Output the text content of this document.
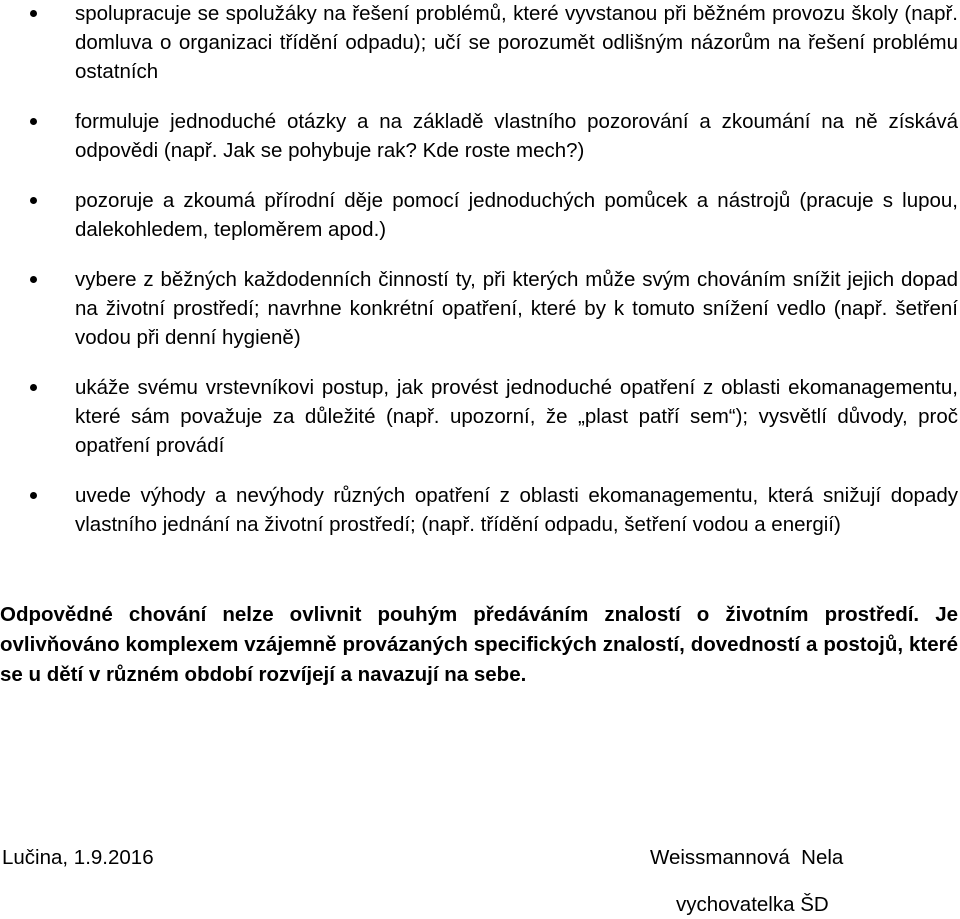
spolupracuje se spolužáky na řešení problémů, které vyvstanou při běžném provozu školy (např. domluva o organizaci třídění odpadu); učí se porozumět odlišným názorům na řešení problému ostatních
formuluje jednoduché otázky a na základě vlastního pozorování a zkoumání na ně získává odpovědi (např. Jak se pohybuje rak? Kde roste mech?)
pozoruje a zkoumá přírodní děje pomocí jednoduchých pomůcek a nástrojů (pracuje s lupou, dalekohledem, teploměrem apod.)
vybere z běžných každodenních činností ty, při kterých může svým chováním snížit jejich dopad na životní prostředí; navrhne konkrétní opatření, které by k tomuto snížení vedlo (např. šetření vodou při denní hygieně)
ukáže svému vrstevníkovi postup, jak provést jednoduché opatření z oblasti ekomanagementu, které sám považuje za důležité (např. upozorní, že „plast patří sem“); vysvětlí důvody, proč opatření provádí
uvede výhody a nevýhody různých opatření z oblasti ekomanagementu, která snižují dopady vlastního jednání na životní prostředí; (např. třídění odpadu, šetření vodou a energií)

Odpovědné chování nelze ovlivnit pouhým předáváním znalostí o životním prostředí. Je ovlivňováno komplexem vzájemně provázaných specifických znalostí, dovedností a postojů, které se u dětí v různém období rozvíjejí a navazují na sebe.

Lučina, 1.9.2016	Weissmannová  Nela
vychovatelka ŠD
